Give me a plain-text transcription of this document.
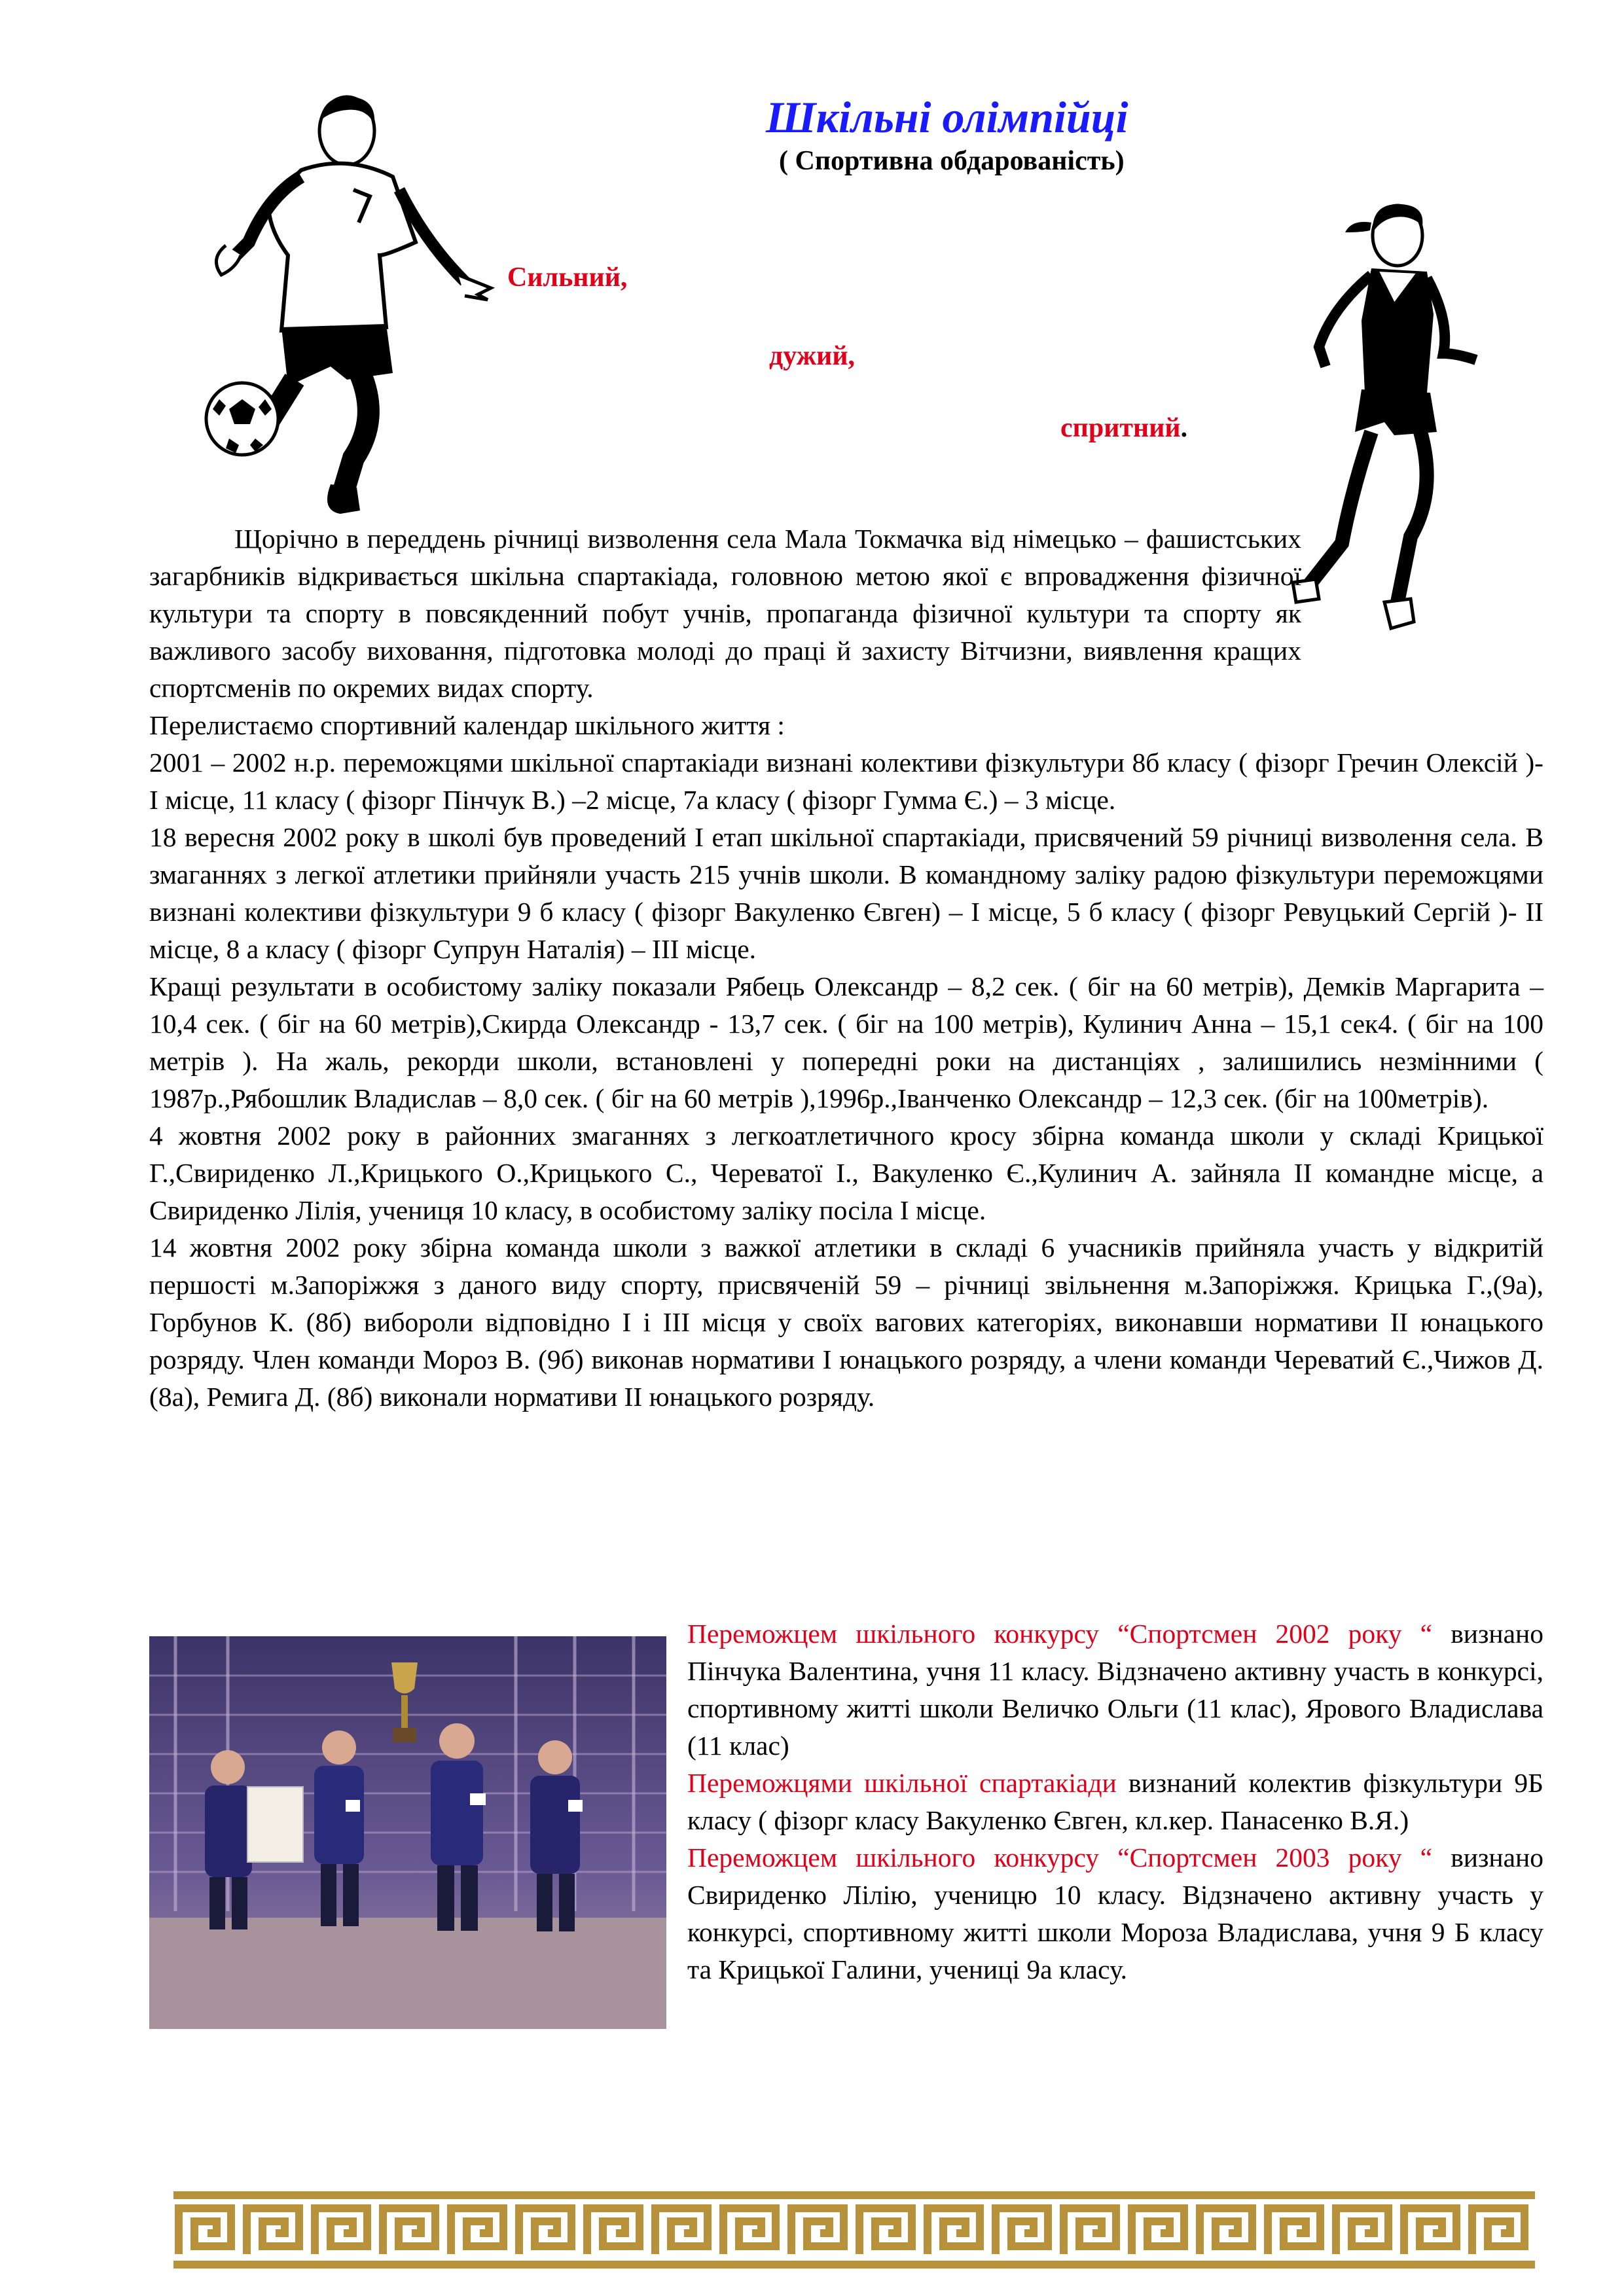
Шкільні олімпійці
( Спортивна обдарованість)
Сильний,
дужий,
спритний.

Щорічно в переддень річниці визволення села Мала Токмачка від німецько – фашистських загарбників відкривається шкільна спартакіада, головною метою якої є впровадження фізичної культури та спорту в повсякденний побут учнів, пропаганда фізичної культури та спорту як важливого засобу виховання, підготовка молоді до праці й захисту Вітчизни, виявлення кращих спортсменів по окремих видах спорту.

Перелистаємо спортивний календар шкільного життя :

2001 – 2002 н.р. переможцями шкільної спартакіади визнані колективи фізкультури 8б класу ( фізорг Гречин Олексій )- І місце, 11 класу ( фізорг Пінчук В.) –2 місце, 7а класу ( фізорг Гумма Є.) – 3 місце.

18 вересня 2002 року в школі був проведений І етап шкільної спартакіади, присвячений 59 річниці визволення села. В змаганнях з легкої атлетики прийняли участь 215 учнів школи. В командному заліку радою фізкультури переможцями визнані колективи фізкультури 9 б класу ( фізорг Вакуленко Євген) – І місце, 5 б класу ( фізорг Ревуцький Сергій )- ІІ місце, 8 а класу ( фізорг Супрун Наталія) – ІІІ місце.

Кращі результати в особистому заліку показали Рябець Олександр – 8,2 сек. ( біг на 60 метрів), Демків Маргарита – 10,4 сек. ( біг на 60 метрів),Скирда Олександр - 13,7 сек. ( біг на 100 метрів), Кулинич Анна – 15,1 сек4. ( біг на 100 метрів ). На жаль, рекорди школи, встановлені у попередні роки на дистанціях , залишились незмінними ( 1987р.,Рябошлик Владислав – 8,0 сек. ( біг на 60 метрів ),1996р.,Іванченко Олександр – 12,3 сек. (біг на 100метрів).

4 жовтня 2002 року в районних змаганнях з легкоатлетичного кросу збірна команда школи у складі Крицької Г.,Свириденко Л.,Крицького О.,Крицького С., Череватої І., Вакуленко Є.,Кулинич А. зайняла ІІ командне місце, а Свириденко Лілія, учениця 10 класу, в особистому заліку посіла І місце.

14 жовтня 2002 року збірна команда школи з важкої атлетики в складі 6 учасників прийняла участь у відкритій першості м.Запоріжжя з даного виду спорту, присвяченій 59 – річниці звільнення м.Запоріжжя. Крицька Г.,(9а), Горбунов К. (8б) вибороли відповідно І і ІІІ місця у своїх вагових категоріях, виконавши нормативи ІІ юнацького розряду. Член команди Мороз В. (9б) виконав нормативи І юнацького розряду, а члени команди Череватий Є.,Чижов Д. (8а), Ремига Д. (8б) виконали нормативи ІІ юнацького розряду.

Переможцем шкільного конкурсу “Спортсмен 2002 року “ визнано Пінчука Валентина, учня 11 класу. Відзначено активну участь в конкурсі, спортивному житті школи Величко Ольги (11 клас), Ярового Владислава (11 клас)

Переможцями шкільної спартакіади визнаний колектив фізкультури 9Б класу ( фізорг класу Вакуленко Євген, кл.кер. Панасенко В.Я.)

Переможцем шкільного конкурсу “Спортсмен 2003 року “ визнано Свириденко Лілію, ученицю 10 класу. Відзначено активну участь у конкурсі, спортивному житті школи Мороза Владислава, учня 9 Б класу та Крицької Галини, учениці 9а класу.
